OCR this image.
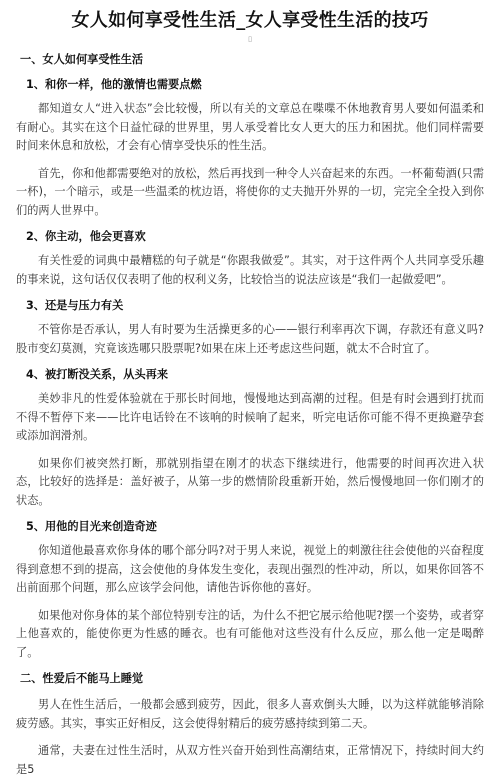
女人如何享受性生活_女人享受性生活的技巧
▯
一、女人如何享受性生活
1、和你一样，他的激情也需要点燃

都知道女人“进入状态”会比较慢，所以有关的文章总在喋喋不休地教育男人要如何温柔和有耐心。其实在这个日益忙碌的世界里，男人承受着比女人更大的压力和困扰。他们同样需要时间来休息和放松，才会有心情享受快乐的性生活。

首先，你和他都需要绝对的放松，然后再找到一种令人兴奋起来的东西。一杯葡萄酒(只需一杯)，一个暗示，或是一些温柔的枕边语，将使你的丈夫抛开外界的一切，完完全全投入到你们的两人世界中。

2、你主动，他会更喜欢

有关性爱的词典中最糟糕的句子就是“你跟我做爱”。其实，对于这件两个人共同享受乐趣的事来说，这句话仅仅表明了他的权利义务，比较恰当的说法应该是“我们一起做爱吧”。

3、还是与压力有关

不管你是否承认，男人有时要为生活操更多的心——银行利率再次下调，存款还有意义吗?股市变幻莫测，究竟该选哪只股票呢?如果在床上还考虑这些问题，就太不合时宜了。

4、被打断没关系，从头再来

美妙非凡的性爱体验就在于那长时间地，慢慢地达到高潮的过程。但是有时会遇到打扰而不得不暂停下来——比许电话铃在不该响的时候响了起来，听完电话你可能不得不更换避孕套或添加润滑剂。

如果你们被突然打断，那就别指望在刚才的状态下继续进行，他需要的时间再次进入状态，比较好的选择是：盖好被子，从第一步的燃情阶段重新开始，然后慢慢地回一你们刚才的状态。

5、用他的目光来创造奇迹

你知道他最喜欢你身体的哪个部分吗?对于男人来说，视觉上的刺激往往会使他的兴奋程度得到意想不到的提高，这会使他的身体发生变化，表现出强烈的性冲动，所以，如果你回答不出前面那个问题，那么应该学会问他，请他告诉你他的喜好。

如果他对你身体的某个部位特别专注的话，为什么不把它展示给他呢?摆一个姿势，或者穿上他喜欢的，能使你更为性感的睡衣。也有可能他对这些没有什么反应，那么他一定是喝醉了。

二、性爱后不能马上睡觉

男人在性生活后，一般都会感到疲劳，因此，很多人喜欢倒头大睡，以为这样就能够消除疲劳感。其实，事实正好相反，这会使得射精后的疲劳感持续到第二天。

通常，夫妻在过性生活时，从双方性兴奋开始到性高潮结束，正常情况下，持续时间大约是5
